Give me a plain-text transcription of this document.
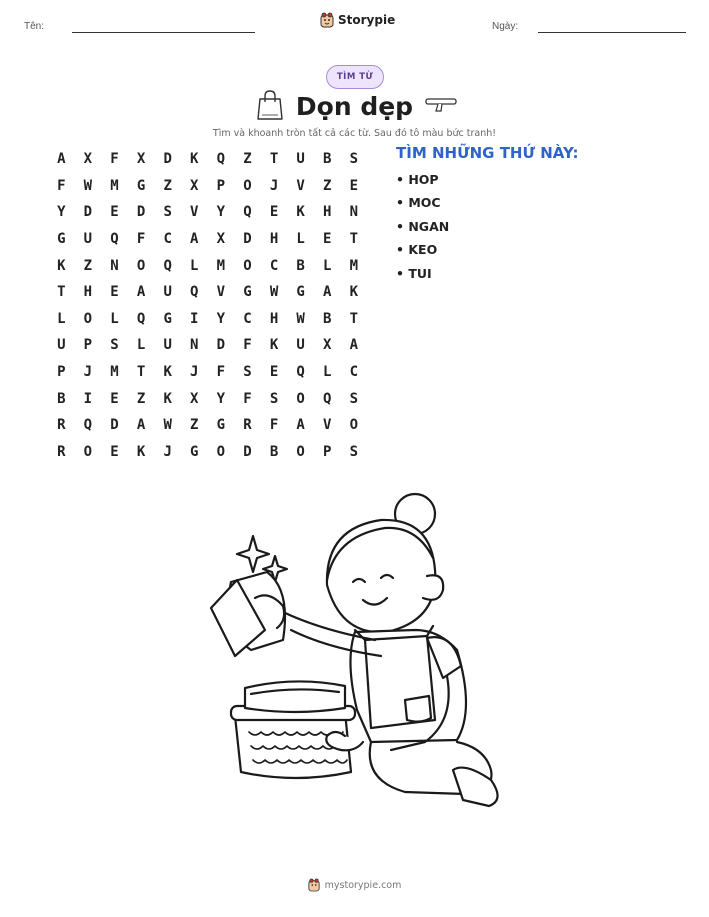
Tên:	Storypie	Ngày:
TÌM TỪ
Dọn dẹp
Tìm và khoanh tròn tất cả các từ. Sau đó tô màu bức tranh!
A	X	F	X	D	K	Q	Z	T	U	B	S
F	W	M	G	Z	X	P	O	J	V	Z	E
Y	D	E	D	S	V	Y	Q	E	K	H	N
G	U	Q	F	C	A	X	D	H	L	E	T
K	Z	N	O	Q	L	M	O	C	B	L	M
T	H	E	A	U	Q	V	G	W	G	A	K
L	O	L	Q	G	I	Y	C	H	W	B	T
U	P	S	L	U	N	D	F	K	U	X	A
P	J	M	T	K	J	F	S	E	Q	L	C
B	I	E	Z	K	X	Y	F	S	O	Q	S
R	Q	D	A	W	Z	G	R	F	A	V	O
R	O	E	K	J	G	O	D	B	O	P	S
TÌM NHỮNG THỨ NÀY:
• HOP
• MOC
• NGAN
• KEO
• TUI
mystorypie.com
